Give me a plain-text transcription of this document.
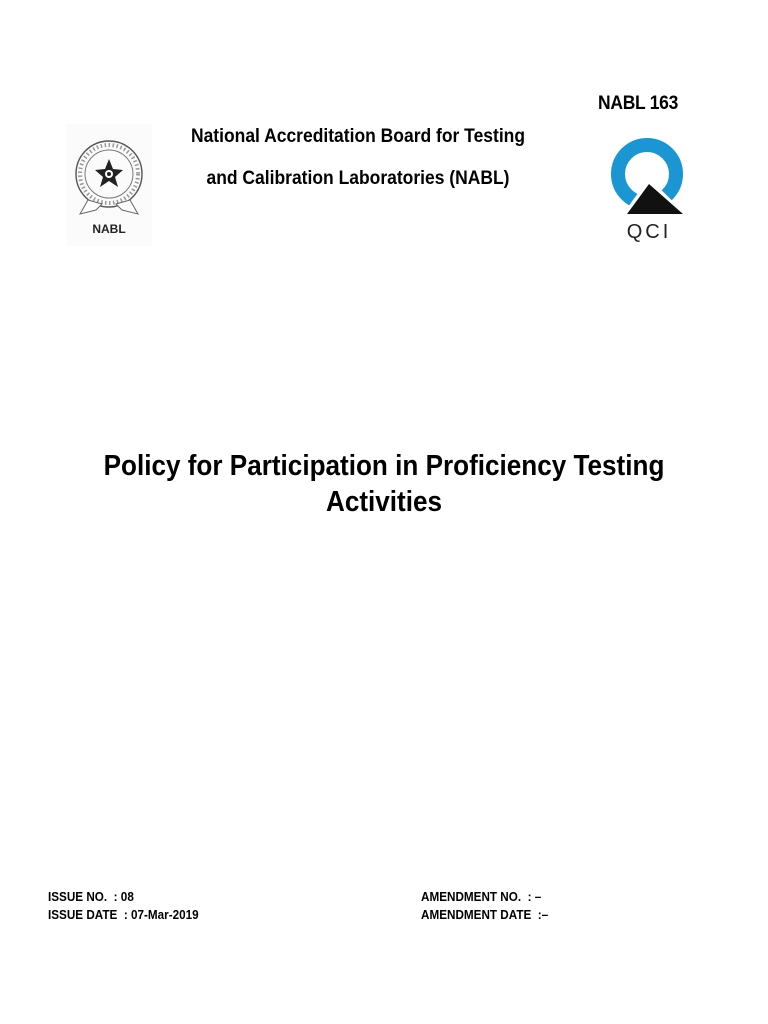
NABL 163
NABL
National Accreditation Board for Testing
and Calibration Laboratories (NABL)
QCI
Policy for Participation in Proficiency Testing
Activities
ISSUE NO.  : 08
ISSUE DATE  : 07-Mar-2019
AMENDMENT NO.  : –
AMENDMENT DATE  :–
